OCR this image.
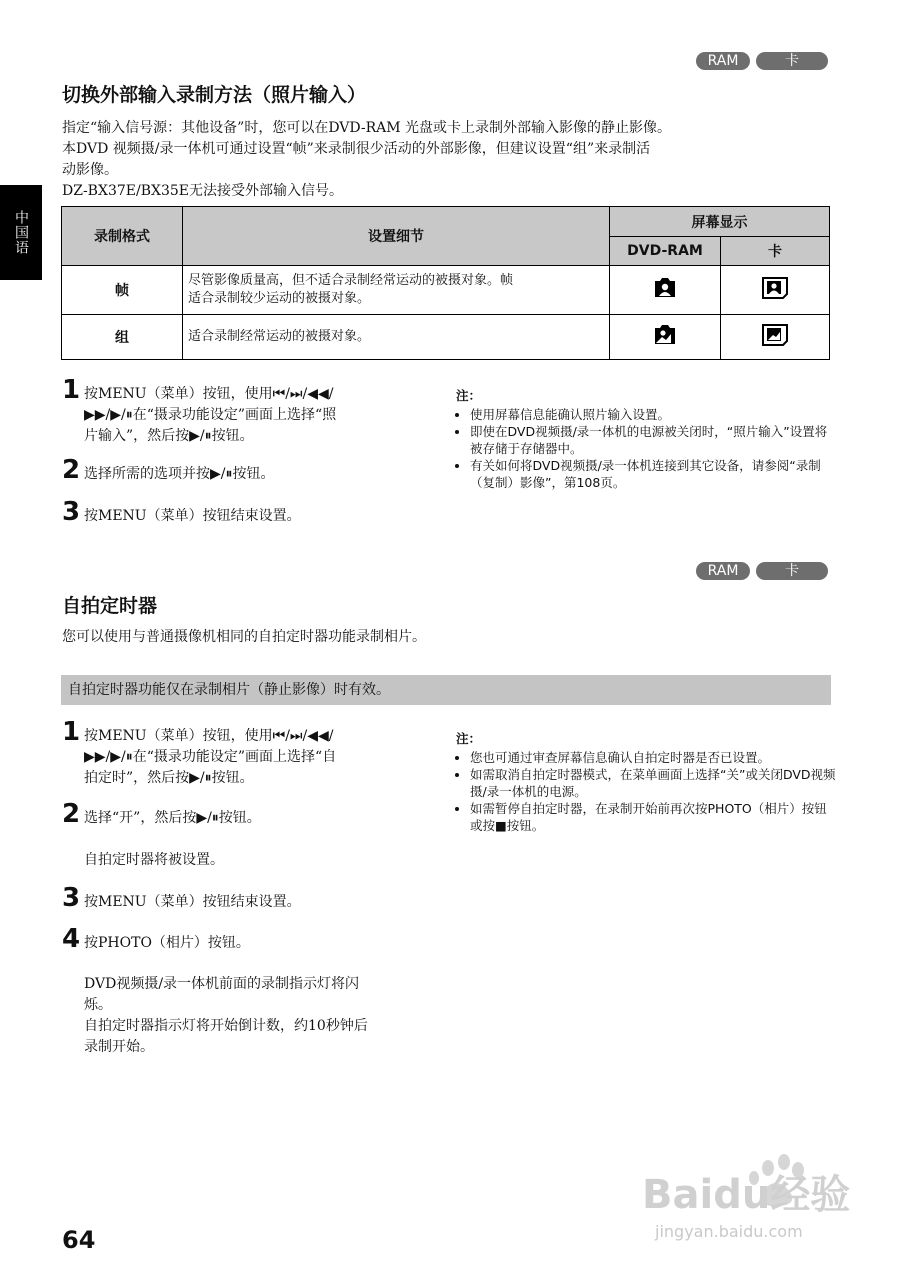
RAM	卡
中国语
切换外部输入录制方法（照片输入）
指定“输入信号源：其他设备”时，您可以在DVD-RAM 光盘或卡上录制外部输入影像的静止影像。
本DVD 视频摄/录一体机可通过设置“帧”来录制很少活动的外部影像，但建议设置“组”来录制活
动影像。
DZ-BX37E/BX35E无法接受外部输入信号。
录制格式	设置细节	屏幕显示	
		DVD-RAM	卡
帧	尽管影像质量高，但不适合录制经常运动的被摄对象。帧
适合录制较少运动的被摄对象。

组	适合录制经常运动的被摄对象。		
1 按MENU（菜单）按钮，使用⏮/⏭/◀◀/
▶▶/▶/⏸在“摄录功能设定”画面上选择“照
片输入”，然后按▶/⏸按钮。
2 选择所需的选项并按▶/⏸按钮。
3 按MENU（菜单）按钮结束设置。
注：
• 使用屏幕信息能确认照片输入设置。
• 即使在DVD视频摄/录一体机的电源被关闭时，“照片输入”设置将被存储于存储器中。
• 有关如何将DVD视频摄/录一体机连接到其它设备，请参阅“录制（复制）影像”，第108页。
RAM	卡
自拍定时器
您可以使用与普通摄像机相同的自拍定时器功能录制相片。
自拍定时器功能仅在录制相片（静止影像）时有效。
1 按MENU（菜单）按钮，使用⏮/⏭/◀◀/
▶▶/▶/⏸在“摄录功能设定”画面上选择“自
拍定时”，然后按▶/⏸按钮。
2 选择“开”，然后按▶/⏸按钮。
自拍定时器将被设置。
3 按MENU（菜单）按钮结束设置。
4 按PHOTO（相片）按钮。
DVD视频摄/录一体机前面的录制指示灯将闪
烁。
自拍定时器指示灯将开始倒计数，约10秒钟后
录制开始。
注：
• 您也可通过审查屏幕信息确认自拍定时器是否已设置。
• 如需取消自拍定时器模式，在菜单画面上选择“关”或关闭DVD视频摄/录一体机的电源。
• 如需暂停自拍定时器，在录制开始前再次按PHOTO（相片）按钮或按■按钮。
64
Baidu经验
jingyan.baidu.com
